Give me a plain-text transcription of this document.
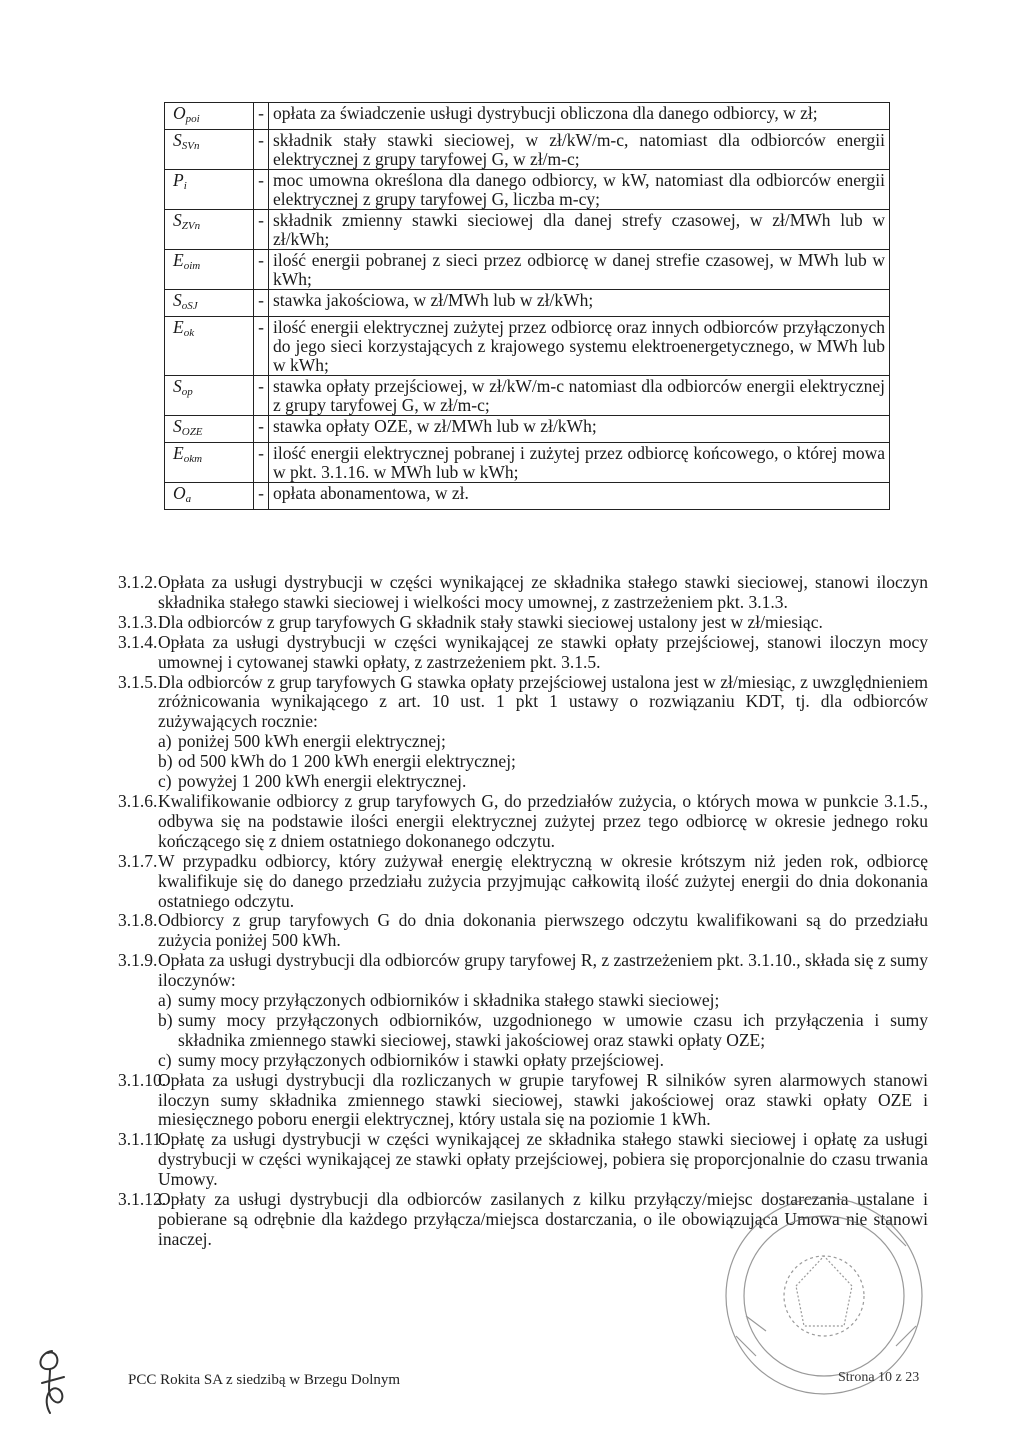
$O_{poi}$	-	opłata za świadczenie usługi dystrybucji obliczona dla danego odbiorcy, w zł;
$S_{SVn}$	-	składnik stały stawki sieciowej, w zł/kW/m-c, natomiast dla odbiorców energii elektrycznej z grupy taryfowej G, w zł/m-c;
$P_i$	-	moc umowna określona dla danego odbiorcy, w kW, natomiast dla odbiorców energii elektrycznej z grupy taryfowej G, liczba m-cy;
$S_{ZVn}$	-	składnik zmienny stawki sieciowej dla danej strefy czasowej, w zł/MWh lub w zł/kWh;
$E_{oim}$	-	ilość energii pobranej z sieci przez odbiorcę w danej strefie czasowej, w MWh lub w kWh;
$S_{oSJ}$	-	stawka jakościowa, w zł/MWh lub w zł/kWh;
$E_{ok}$	-	ilość energii elektrycznej zużytej przez odbiorcę oraz innych odbiorców przyłączonych do jego sieci korzystających z krajowego systemu elektroenergetycznego, w MWh lub w kWh;
$S_{op}$	-	stawka opłaty przejściowej, w zł/kW/m-c natomiast dla odbiorców energii elektrycznej z grupy taryfowej G, w zł/m-c;
$S_{OZE}$	-	stawka opłaty OZE, w zł/MWh lub w zł/kWh;
$E_{okm}$	-	ilość energii elektrycznej pobranej i zużytej przez odbiorcę końcowego, o której mowa w pkt. 3.1.16. w MWh lub w kWh;
$O_a$	-	opłata abonamentowa, w zł.
3.1.2. Opłata za usługi dystrybucji w części wynikającej ze składnika stałego stawki sieciowej, stanowi iloczyn składnika stałego stawki sieciowej i wielkości mocy umownej, z zastrzeżeniem pkt. 3.1.3.

3.1.3. Dla odbiorców z grup taryfowych G składnik stały stawki sieciowej ustalony jest w zł/miesiąc.

3.1.4. Opłata za usługi dystrybucji w części wynikającej ze stawki opłaty przejściowej, stanowi iloczyn mocy umownej i cytowanej stawki opłaty, z zastrzeżeniem pkt. 3.1.5.

3.1.5. Dla odbiorców z grup taryfowych G stawka opłaty przejściowej ustalona jest w zł/miesiąc, z uwzględnieniem zróżnicowania wynikającego z art. 10 ust. 1 pkt 1 ustawy o rozwiązaniu KDT, tj. dla odbiorców zużywających rocznie:

a) poniżej 500 kWh energii elektrycznej;
b) od 500 kWh do 1 200 kWh energii elektrycznej;
c) powyżej 1 200 kWh energii elektrycznej.
3.1.6. Kwalifikowanie odbiorcy z grup taryfowych G, do przedziałów zużycia, o których mowa w punkcie 3.1.5., odbywa się na podstawie ilości energii elektrycznej zużytej przez tego odbiorcę w okresie jednego roku kończącego się z dniem ostatniego dokonanego odczytu.

3.1.7. W przypadku odbiorcy, który zużywał energię elektryczną w okresie krótszym niż jeden rok, odbiorcę kwalifikuje się do danego przedziału zużycia przyjmując całkowitą ilość zużytej energii do dnia dokonania ostatniego odczytu.

3.1.8. Odbiorcy z grup taryfowych G do dnia dokonania pierwszego odczytu kwalifikowani są do przedziału zużycia poniżej 500 kWh.

3.1.9. Opłata za usługi dystrybucji dla odbiorców grupy taryfowej R, z zastrzeżeniem pkt. 3.1.10., składa się z sumy iloczynów:

a) sumy mocy przyłączonych odbiorników i składnika stałego stawki sieciowej;
b) sumy mocy przyłączonych odbiorników, uzgodnionego w umowie czasu ich przyłączenia i sumy składnika zmiennego stawki sieciowej, stawki jakościowej oraz stawki opłaty OZE;
c) sumy mocy przyłączonych odbiorników i stawki opłaty przejściowej.
3.1.10.

Opłata za usługi dystrybucji dla rozliczanych w grupie taryfowej R silników syren alarmowych stanowi iloczyn sumy składnika zmiennego stawki sieciowej, stawki jakościowej oraz stawki opłaty OZE i miesięcznego poboru energii elektrycznej, który ustala się na poziomie 1 kWh.

3.1.11.

Opłatę za usługi dystrybucji w części wynikającej ze składnika stałego stawki sieciowej i opłatę za usługi dystrybucji w części wynikającej ze stawki opłaty przejściowej, pobiera się proporcjonalnie do czasu trwania Umowy.

3.1.12.

Opłaty za usługi dystrybucji dla odbiorców zasilanych z kilku przyłączy/miejsc dostarczania ustalane i pobierane są odrębnie dla każdego przyłącza/miejsca dostarczania, o ile obowiązująca Umowa nie stanowi inaczej.

PCC Rokita SA z siedzibą w Brzegu Dolnym	Strona 10 z 23
